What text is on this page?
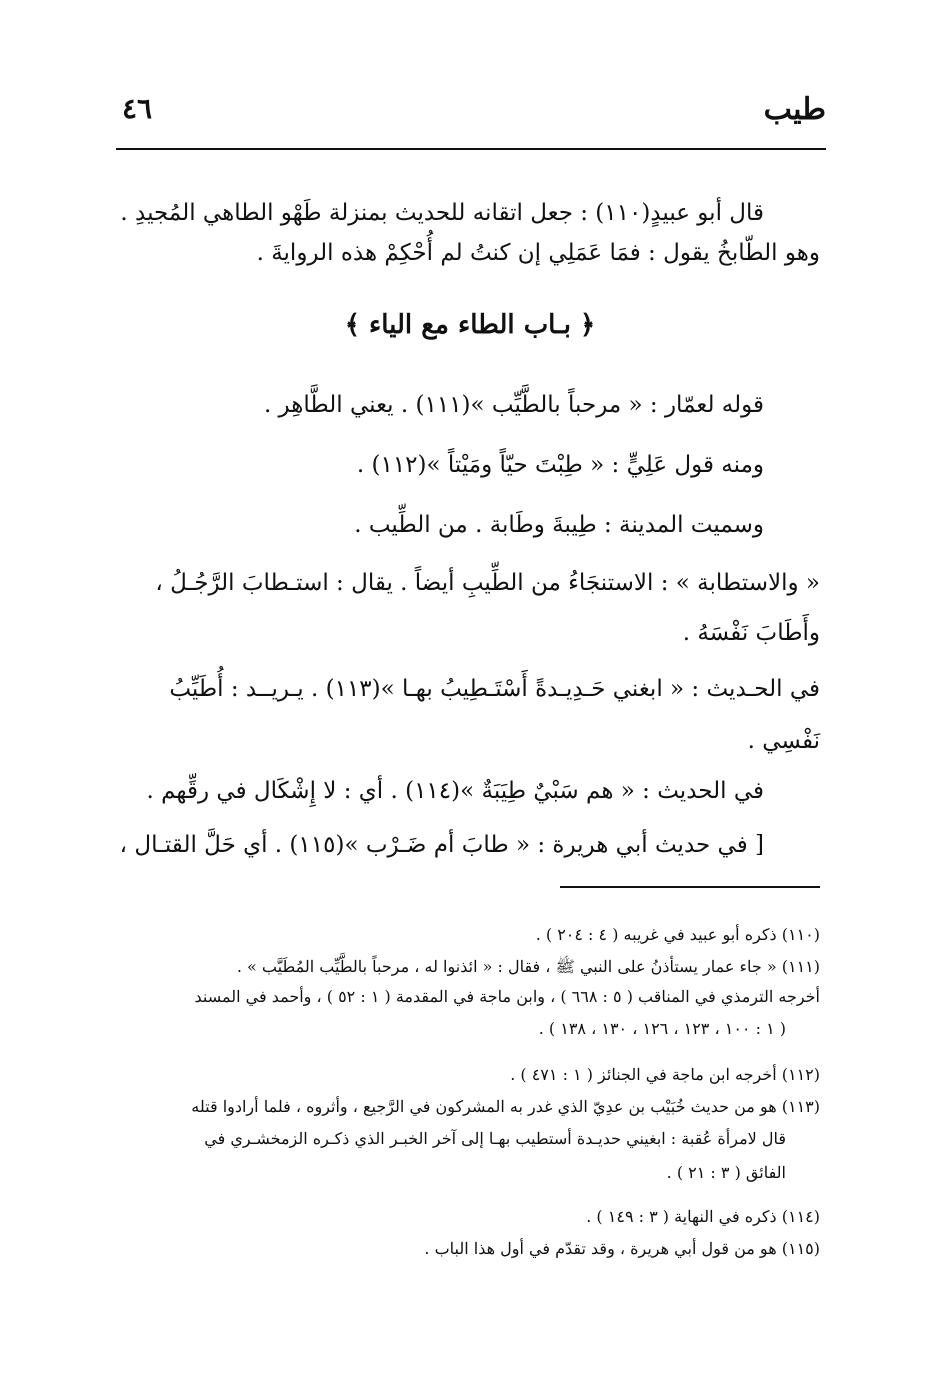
طيب
٤٦
قال أبو عبيدٍ(١١٠) : جعل اتقانه للحديث بمنزلة طَهْو الطاهي المُجيدِ .
وهو الطّابخُ يقول : فمَا عَمَلِي إن كنتُ لم أُحْكِمْ هذه الروايةَ .
﴿ بـاب الطاء مع الياء ﴾
قوله لعمّار : « مرحباً بالطَّيِّب »(١١١) . يعني الطَّاهِر .
ومنه قول عَلِيٍّ : « طِبْتَ حيّاً ومَيْتاً »(١١٢) .
وسميت المدينة : طِيبةَ وطَابة . من الطِّيب .
« والاستطابة » : الاستنجَاءُ من الطِّيبِ أيضاً . يقال : استـطابَ الرَّجُـلُ ،
وأَطَابَ نَفْسَهُ .
في الحـديث : « ابغني حَـدِيـدةً أَسْتَـطِيبُ بهـا »(١١٣) . يـريــد : أُطَيِّبُ
نَفْسِي .
في الحديث : « هم سَبْيٌ طِيَبَةٌ »(١١٤) . أي : لا إِشْكَال في رقِّهم .
[ في حديث أبي هريرة : « طابَ أم ضَـرْب »(١١٥) . أي حَلَّ القتـال ،
(١١٠) ذكره أبو عبيد في غريبه ( ٤ : ٢٠٤ ) .
(١١١) « جاء عمار يستأذنُ على النبي ﷺ ، فقال : « ائذنوا له ، مرحباً بالطَّيِّب المُطَيَّب » .
أخرجه الترمذي في المناقب ( ٥ : ٦٦٨ ) ، وابن ماجة في المقدمة ( ١ : ٥٢ ) ، وأحمد في المسند
( ١ : ١٠٠ ، ١٢٣ ، ١٢٦ ، ١٣٠ ، ١٣٨ ) .
(١١٢) أخرجه ابن ماجة في الجنائز ( ١ : ٤٧١ ) .
(١١٣) هو من حديث خُبَيْب بن عدِيّ الذي غدر به المشركون في الرَّجيع ، وأثروه ، فلما أرادوا قتله
قال لامرأة عُقبة : ابغيني حديـدة أستطيب بهـا إلى آخر الخبـر الذي ذكـره الزمخشـري في
الفائق ( ٣ : ٢١ ) .
(١١٤) ذكره في النهاية ( ٣ : ١٤٩ ) .
(١١٥) هو من قول أبي هريرة ، وقد تقدّم في أول هذا الباب .
